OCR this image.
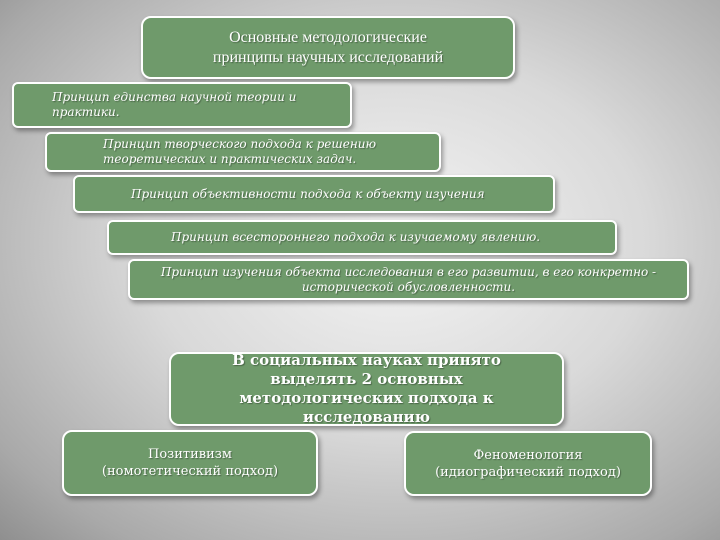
Основные методологические
принципы научных исследований
Принцип единства научной теории и
практики.
Принцип творческого подхода к решению
теоретических и практических задач.
Принцип объективности подхода к объекту изучения
Принцип всестороннего подхода к изучаемому явлению.
Принцип изучения объекта исследования в его развитии, в его конкретно -
исторической обусловленности.
В социальных науках принято
выделять 2 основных
методологических подхода к
исследованию
Позитивизм
(номотетический подход)
Феноменология
(идиографический подход)
